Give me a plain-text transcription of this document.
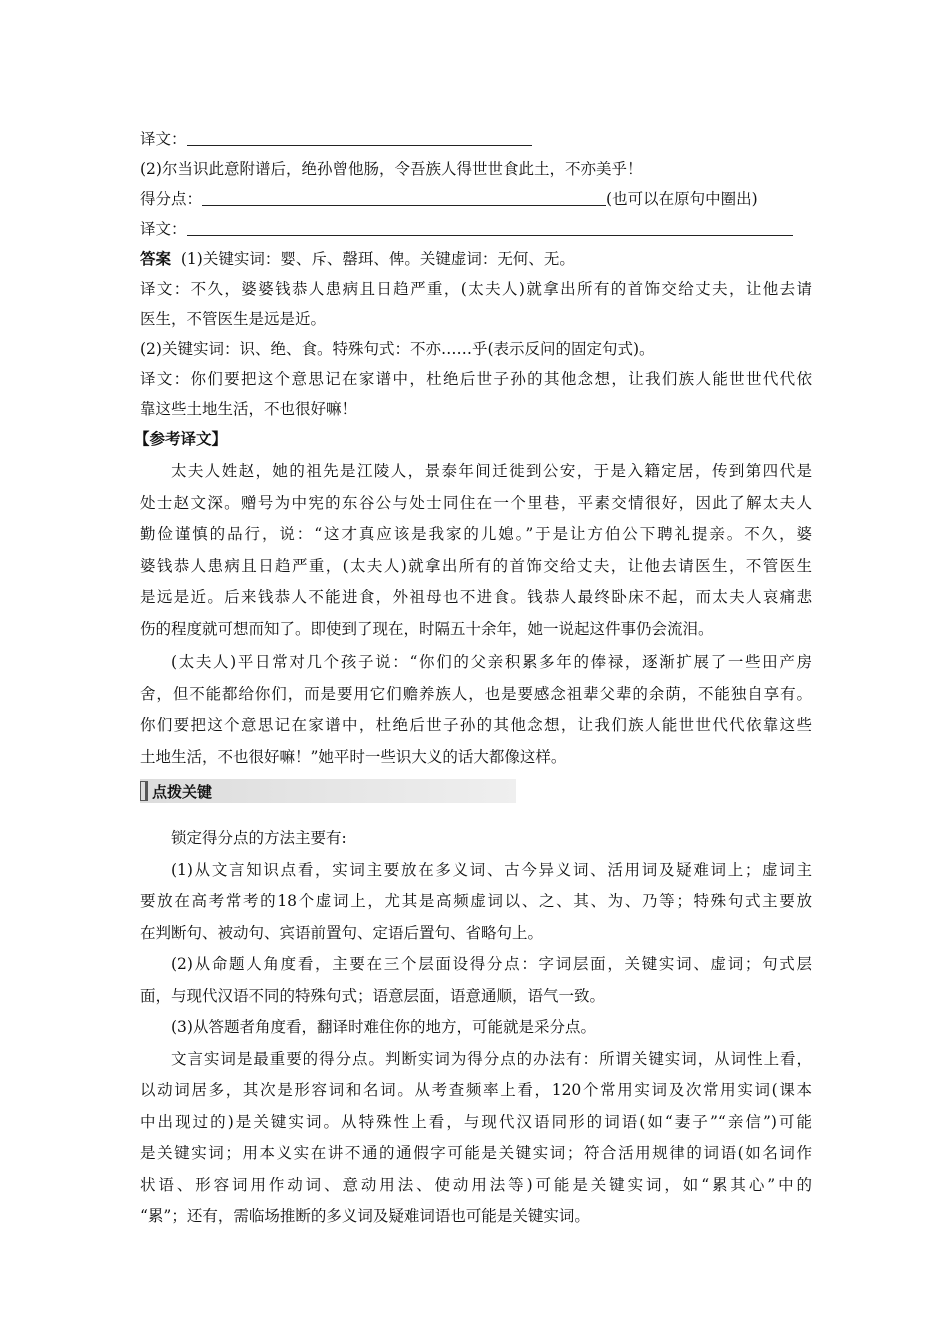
译文：
(2)尔当识此意附谱后，绝孙曾他肠，令吾族人得世世食此土，不亦美乎！
得分点：	(也可以在原句中圈出)
译文：
答案 (1)关键实词：婴、斥、罄珥、俾。关键虚词：无何、无。
译文：不久，婆婆钱恭人患病且日趋严重，(太夫人)就拿出所有的首饰交给丈夫，让他去请
医生，不管医生是远是近。
(2)关键实词：识、绝、食。特殊句式：不亦……乎(表示反问的固定句式)。
译文：你们要把这个意思记在家谱中，杜绝后世子孙的其他念想，让我们族人能世世代代依
靠这些土地生活，不也很好嘛！
【参考译文】
太夫人姓赵，她的祖先是江陵人，景泰年间迁徙到公安，于是入籍定居，传到第四代是
处士赵文深。赠号为中宪的东谷公与处士同住在一个里巷，平素交情很好，因此了解太夫人
勤俭谨慎的品行，说：“这才真应该是我家的儿媳。”于是让方伯公下聘礼提亲。不久，婆
婆钱恭人患病且日趋严重，(太夫人)就拿出所有的首饰交给丈夫，让他去请医生，不管医生
是远是近。后来钱恭人不能进食，外祖母也不进食。钱恭人最终卧床不起，而太夫人哀痛悲
伤的程度就可想而知了。即使到了现在，时隔五十余年，她一说起这件事仍会流泪。
(太夫人)平日常对几个孩子说：“你们的父亲积累多年的俸禄，逐渐扩展了一些田产房
舍，但不能都给你们，而是要用它们赡养族人，也是要感念祖辈父辈的余荫，不能独自享有。
你们要把这个意思记在家谱中，杜绝后世子孙的其他念想，让我们族人能世世代代依靠这些
土地生活，不也很好嘛！”她平时一些识大义的话大都像这样。
点拨关键
锁定得分点的方法主要有:
(1)从文言知识点看，实词主要放在多义词、古今异义词、活用词及疑难词上；虚词主
要放在高考常考的18个虚词上，尤其是高频虚词以、之、其、为、乃等；特殊句式主要放
在判断句、被动句、宾语前置句、定语后置句、省略句上。
(2)从命题人角度看，主要在三个层面设得分点：字词层面，关键实词、虚词；句式层
面，与现代汉语不同的特殊句式；语意层面，语意通顺，语气一致。
(3)从答题者角度看，翻译时难住你的地方，可能就是采分点。
文言实词是最重要的得分点。判断实词为得分点的办法有：所谓关键实词，从词性上看，
以动词居多，其次是形容词和名词。从考查频率上看，120个常用实词及次常用实词(课本
中出现过的)是关键实词。从特殊性上看，与现代汉语同形的词语(如“妻子”“亲信”)可能
是关键实词；用本义实在讲不通的通假字可能是关键实词；符合活用规律的词语(如名词作
状语、形容词用作动词、意动用法、使动用法等)可能是关键实词，如“累其心”中的
“累”；还有，需临场推断的多义词及疑难词语也可能是关键实词。
